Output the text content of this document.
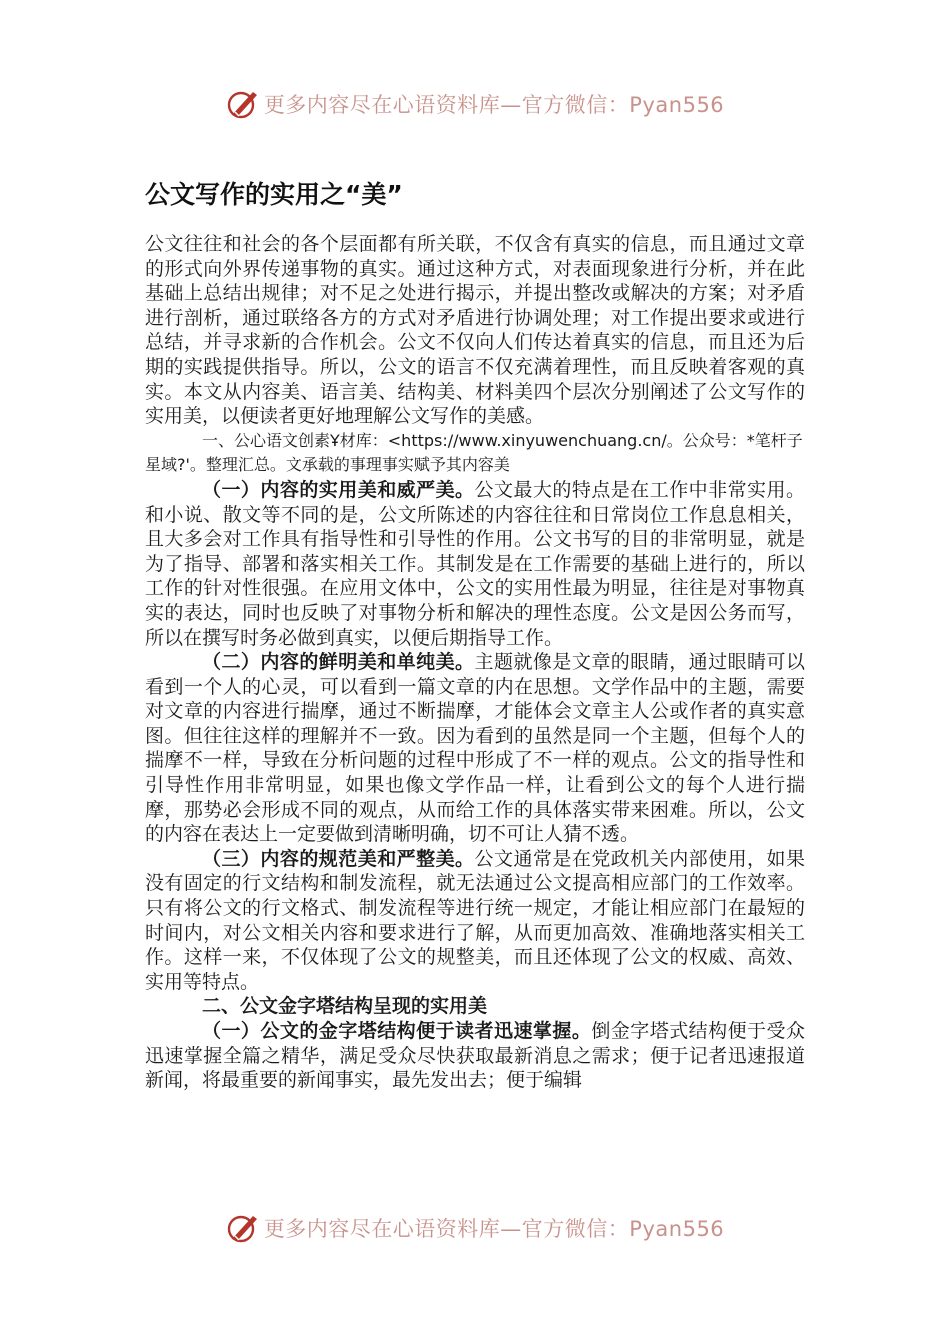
更多内容尽在心语资料库—官方微信：Pyan556
公文写作的实用之“美”

公文往往和社会的各个层面都有所关联，不仅含有真实的信息，而且通过文章的形式向外界传递事物的真实。通过这种方式，对表面现象进行分析，并在此基础上总结出规律；对不足之处进行揭示，并提出整改或解决的方案；对矛盾进行剖析，通过联络各方的方式对矛盾进行协调处理；对工作提出要求或进行总结，并寻求新的合作机会。公文不仅向人们传达着真实的信息，而且还为后期的实践提供指导。所以，公文的语言不仅充满着理性，而且反映着客观的真实。本文从内容美、语言美、结构美、材料美四个层次分别阐述了公文写作的实用美，以便读者更好地理解公文写作的美感。

一、公心语文创素Ұ材库：<https://www.xinyuwenchuang.cn/。公众号：*笔杆子星域?'。整理汇总。文承载的事理事实赋予其内容美

（一）内容的实用美和威严美。公文最大的特点是在工作中非常实用。和小说、散文等不同的是，公文所陈述的内容往往和日常岗位工作息息相关，且大多会对工作具有指导性和引导性的作用。公文书写的目的非常明显，就是为了指导、部署和落实相关工作。其制发是在工作需要的基础上进行的，所以工作的针对性很强。在应用文体中，公文的实用性最为明显，往往是对事物真实的表达，同时也反映了对事物分析和解决的理性态度。公文是因公务而写，所以在撰写时务必做到真实，以便后期指导工作。

（二）内容的鲜明美和单纯美。主题就像是文章的眼睛，通过眼睛可以看到一个人的心灵，可以看到一篇文章的内在思想。文学作品中的主题，需要对文章的内容进行揣摩，通过不断揣摩，才能体会文章主人公或作者的真实意图。但往往这样的理解并不一致。因为看到的虽然是同一个主题，但每个人的揣摩不一样，导致在分析问题的过程中形成了不一样的观点。公文的指导性和引导性作用非常明显，如果也像文学作品一样，让看到公文的每个人进行揣摩，那势必会形成不同的观点，从而给工作的具体落实带来困难。所以，公文的内容在表达上一定要做到清晰明确，切不可让人猜不透。

（三）内容的规范美和严整美。公文通常是在党政机关内部使用，如果没有固定的行文结构和制发流程，就无法通过公文提高相应部门的工作效率。只有将公文的行文格式、制发流程等进行统一规定，才能让相应部门在最短的时间内，对公文相关内容和要求进行了解，从而更加高效、准确地落实相关工作。这样一来，不仅体现了公文的规整美，而且还体现了公文的权威、高效、实用等特点。

二、公文金字塔结构呈现的实用美

（一）公文的金字塔结构便于读者迅速掌握。倒金字塔式结构便于受众迅速掌握全篇之精华，满足受众尽快获取最新消息之需求；便于记者迅速报道新闻，将最重要的新闻事实，最先发出去；便于编辑

更多内容尽在心语资料库—官方微信：Pyan556
